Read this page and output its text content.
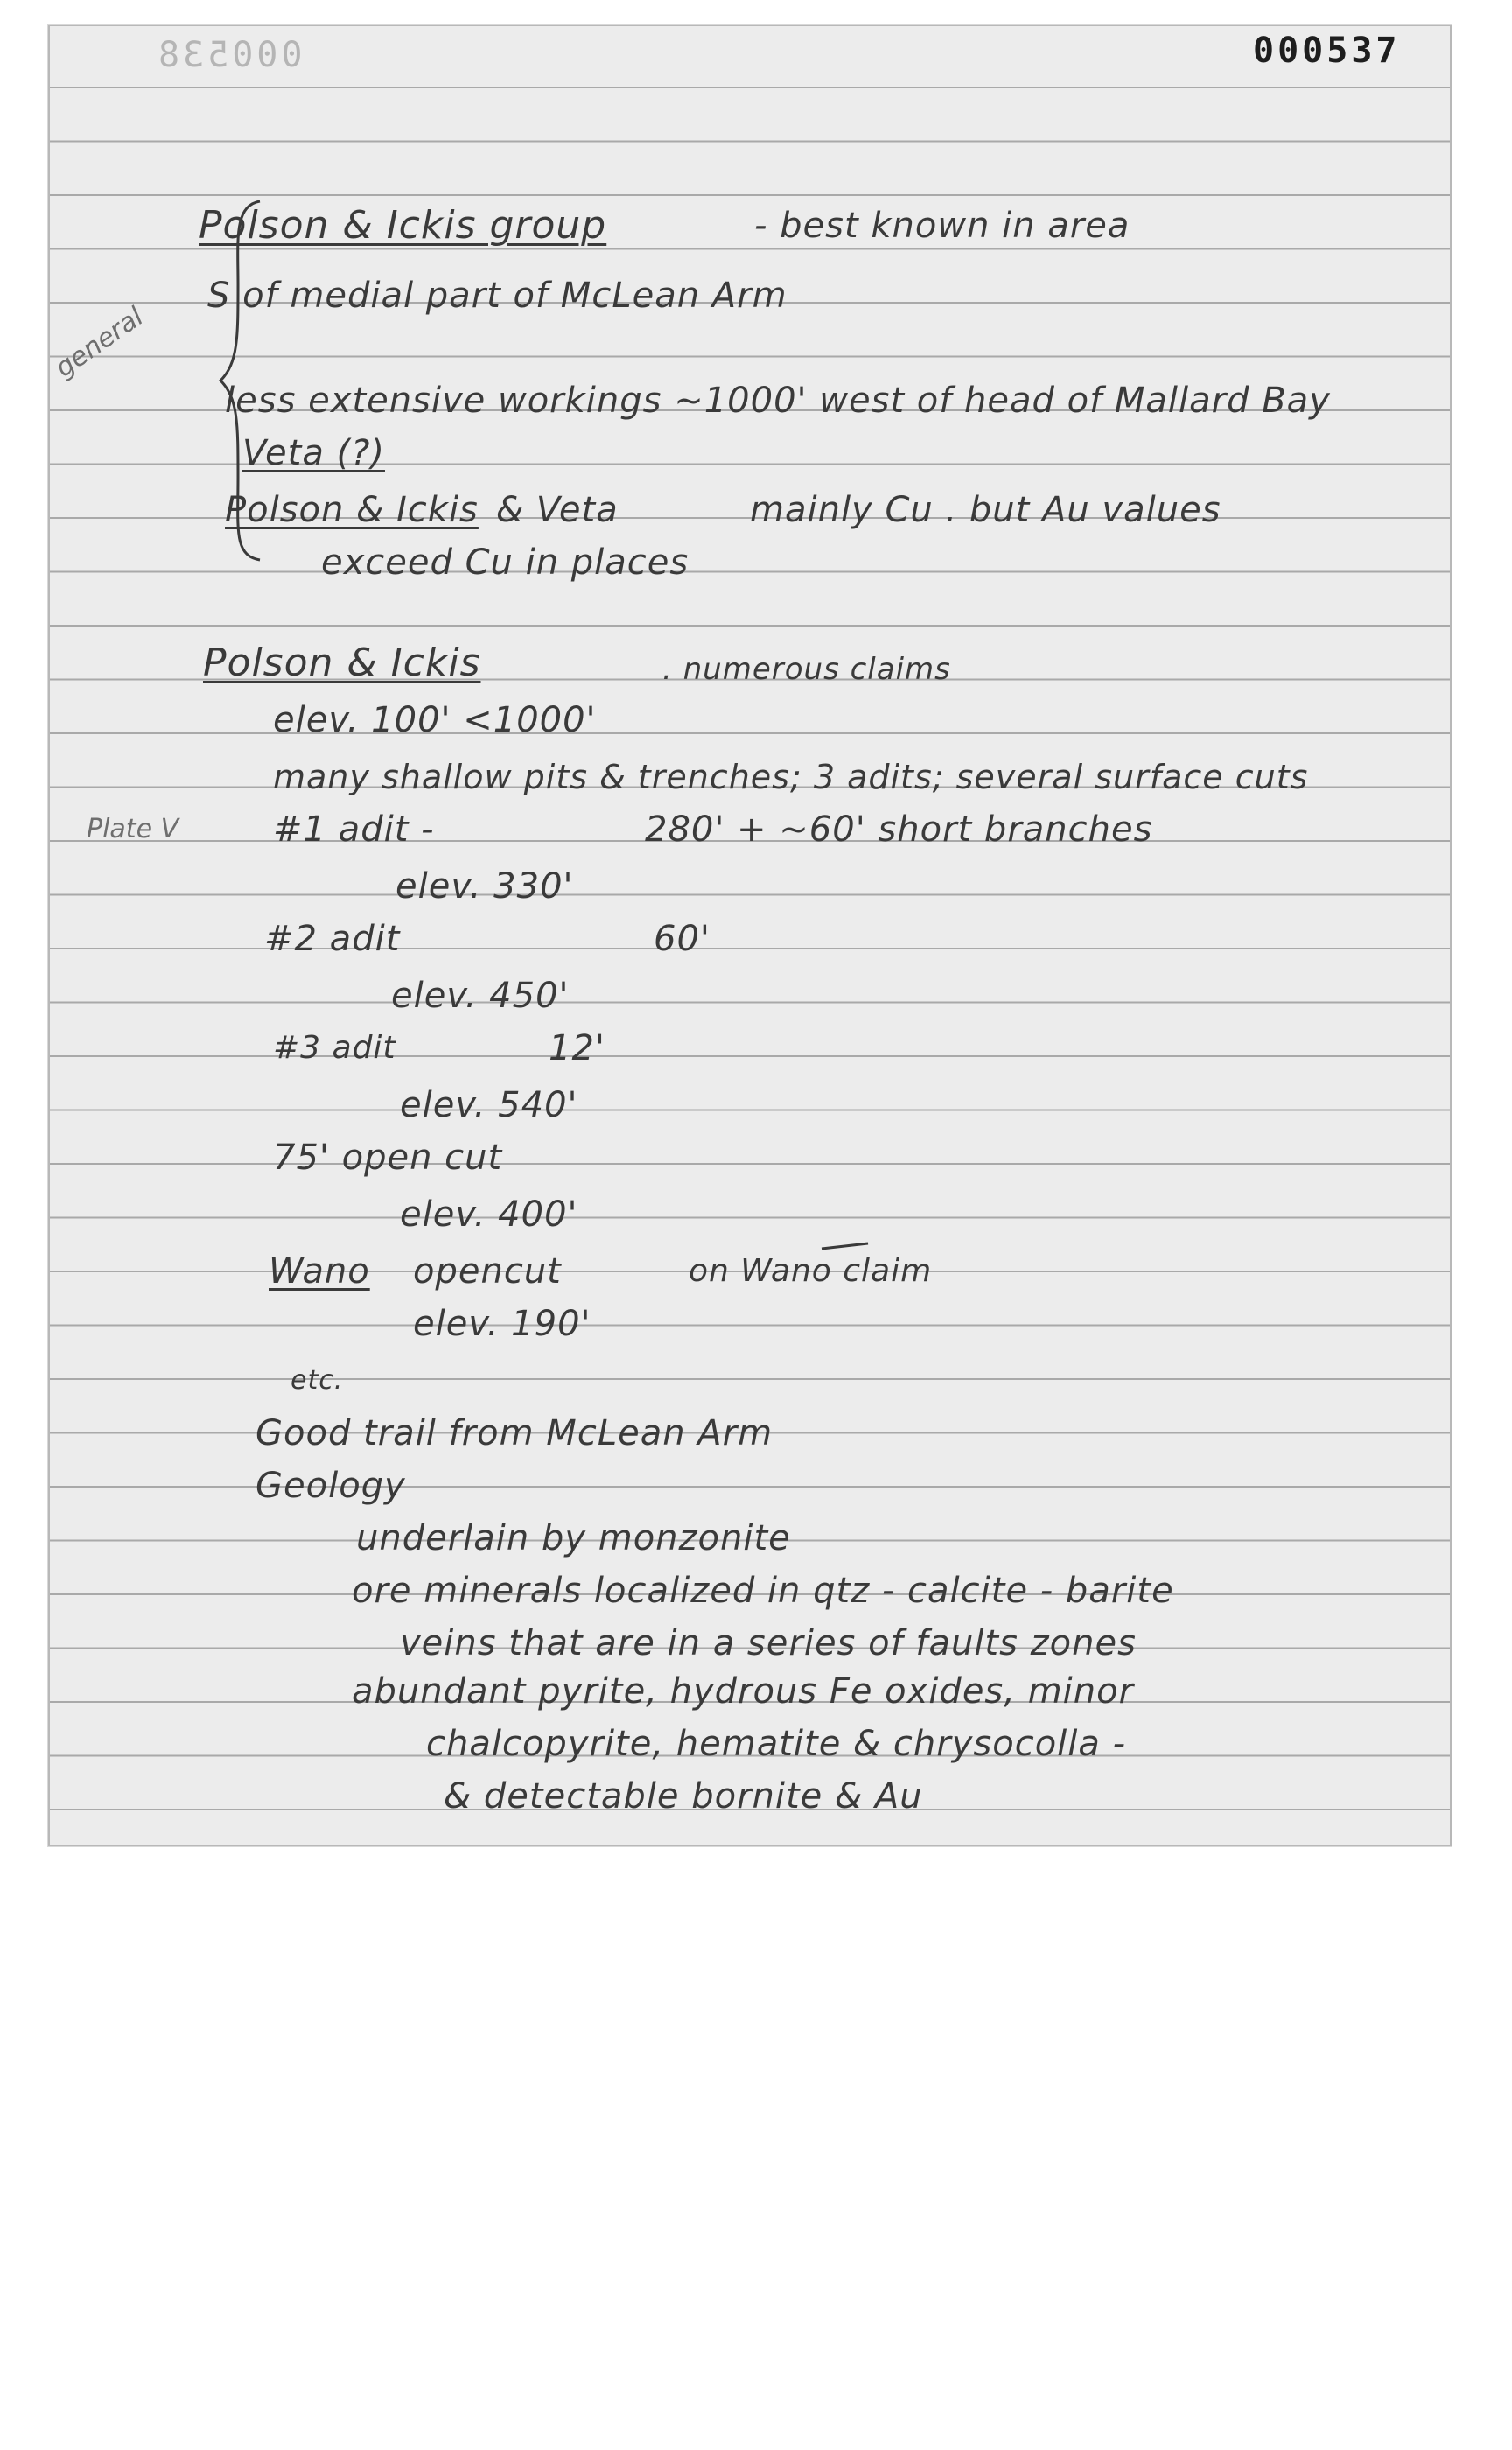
000538	000537
general
Plate V

Polson & Ickis group	- best known in area

S of medial part of McLean Arm

less extensive workings ~1000' west of head of Mallard Bay

Veta (?)

Polson & Ickis & Veta	mainly Cu . but Au values

exceed Cu in places

Polson & Ickis	. numerous claims

elev. 100' <1000'

many shallow pits & trenches; 3 adits; several surface cuts

#1 adit -	280' + ~60' short branches

elev. 330'

#2 adit	60'

elev. 450'

#3 adit	12'

elev. 540'

75' open cut

elev. 400'

Wano opencut	on Wano claim

elev. 190'

etc.

Good trail from McLean Arm

Geology

underlain by monzonite

ore minerals localized in qtz - calcite - barite

veins that are in a series of faults zones

abundant pyrite, hydrous Fe oxides, minor

chalcopyrite, hematite & chrysocolla -

& detectable bornite & Au
